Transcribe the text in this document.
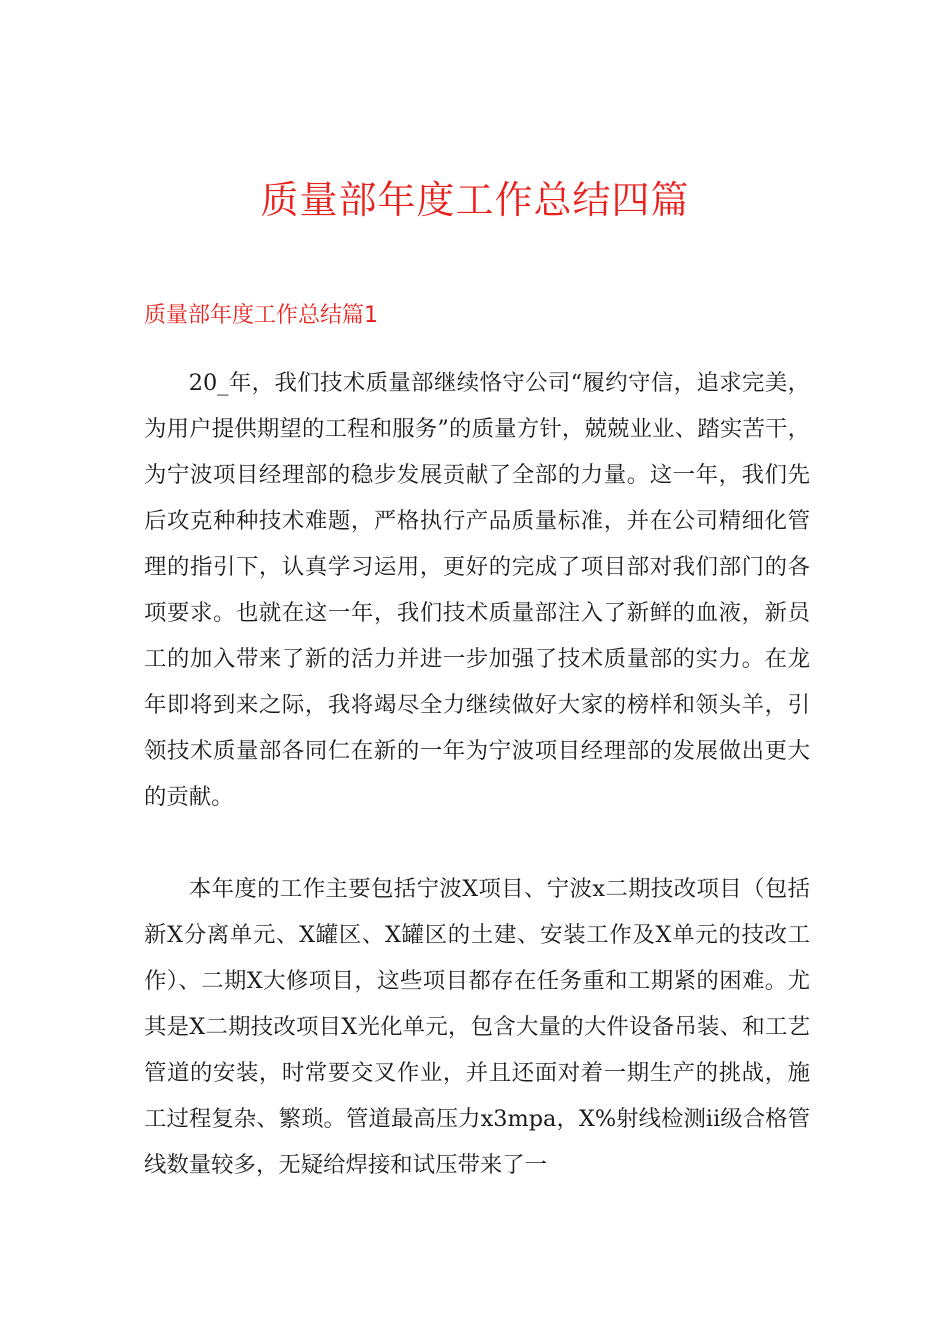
质量部年度工作总结四篇
质量部年度工作总结篇1

20_年，我们技术质量部继续恪守公司“履约守信，追求完美，为用户提供期望的工程和服务”的质量方针，兢兢业业、踏实苦干，为宁波项目经理部的稳步发展贡献了全部的力量。这一年，我们先后攻克种种技术难题，严格执行产品质量标准，并在公司精细化管理的指引下，认真学习运用，更好的完成了项目部对我们部门的各项要求。也就在这一年，我们技术质量部注入了新鲜的血液，新员工的加入带来了新的活力并进一步加强了技术质量部的实力。在龙年即将到来之际，我将竭尽全力继续做好大家的榜样和领头羊，引领技术质量部各同仁在新的一年为宁波项目经理部的发展做出更大的贡献。

本年度的工作主要包括宁波X项目、宁波x二期技改项目（包括新X分离单元、X罐区、X罐区的土建、安装工作及X单元的技改工作）、二期X大修项目，这些项目都存在任务重和工期紧的困难。尤其是X二期技改项目X光化单元，包含大量的大件设备吊装、和工艺管道的安装，时常要交叉作业，并且还面对着一期生产的挑战，施工过程复杂、繁琐。管道最高压力x3mpa，X%射线检测ii级合格管线数量较多，无疑给焊接和试压带来了一
